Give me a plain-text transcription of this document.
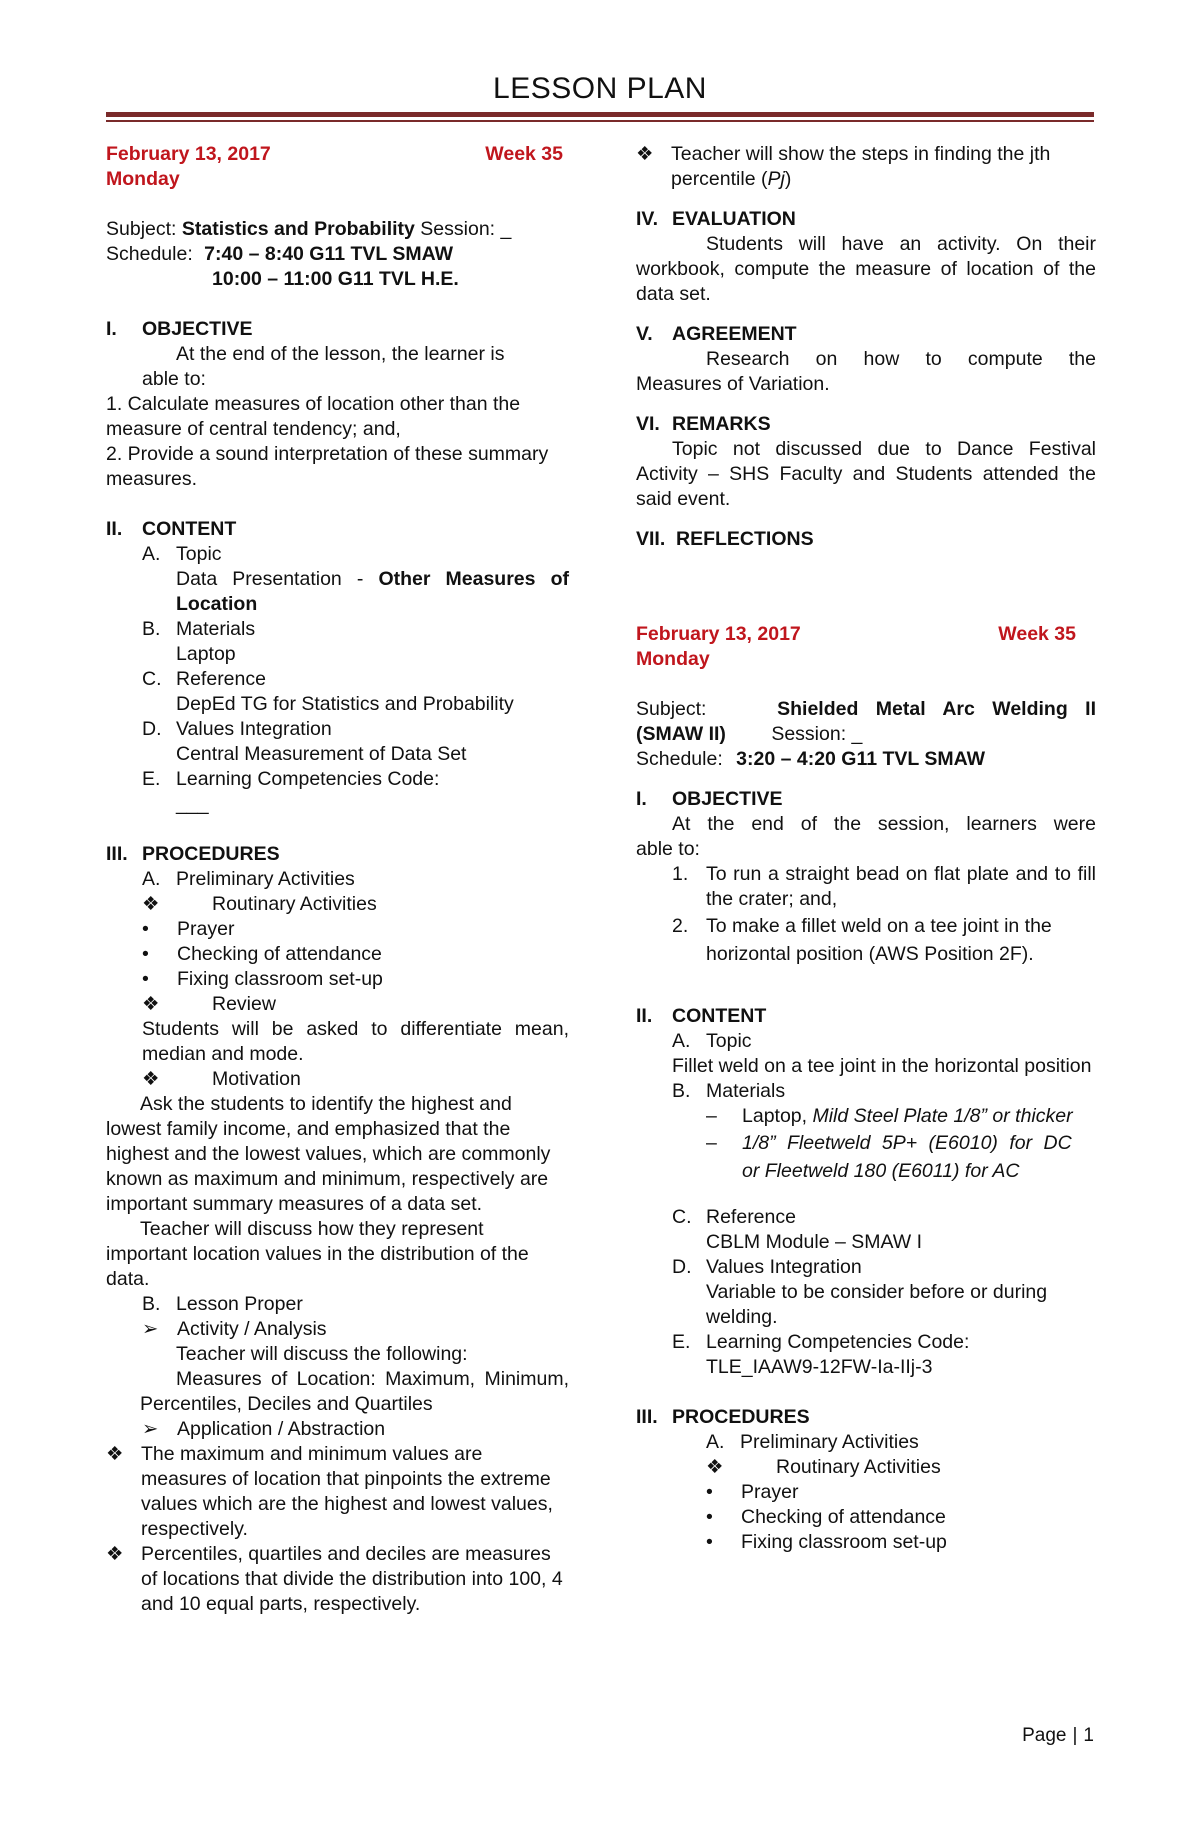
LESSON PLAN
February 13, 2017	Week 35
Monday
Subject: Statistics and Probability Session: _
Schedule: 7:40 – 8:40 G11 TVL SMAW
10:00 – 11:00 G11 TVL H.E.
I.	OBJECTIVE
At the end of the lesson, the learner is
able to:
1. Calculate measures of location other than the measure of central tendency; and,
2. Provide a sound interpretation of these summary measures.
II.	CONTENT
A. Topic
Data Presentation - Other Measures of Location
B. Materials
Laptop
C. Reference
DepEd TG for Statistics and Probability
D. Values Integration
Central Measurement of Data Set
E. Learning Competencies Code:
___
III. PROCEDURES
A. Preliminary Activities
❖	Routinary Activities
•	Prayer
•	Checking of attendance
•	Fixing classroom set-up
❖	Review
Students will be asked to differentiate mean, median and mode.
❖	Motivation
Ask the students to identify the highest and lowest family income, and emphasized that the highest and the lowest values, which are commonly known as maximum and minimum, respectively are important summary measures of a data set.
Teacher will discuss how they represent important location values in the distribution of the data.
B. Lesson Proper
➢ Activity / Analysis
Teacher will discuss the following:
Measures of Location: Maximum, Minimum, Percentiles, Deciles and Quartiles
➢ Application / Abstraction
❖ The maximum and minimum values are measures of location that pinpoints the extreme values which are the highest and lowest values, respectively.
❖ Percentiles, quartiles and deciles are measures of locations that divide the distribution into 100, 4 and 10 equal parts, respectively.
❖ Teacher will show the steps in finding the jth percentile (Pj)
IV. EVALUATION
Students will have an activity. On their workbook, compute the measure of location of the data set.
V. AGREEMENT
Research on how to compute the
Measures of Variation.
VI. REMARKS
Topic not discussed due to Dance Festival
Activity – SHS Faculty and Students attended the said event.
VII. REFLECTIONS
February 13, 2017	Week 35
Monday
Subject:	Shielded Metal Arc Welding II
(SMAW II) Session: _
Schedule: 3:20 – 4:20 G11 TVL SMAW
I.	OBJECTIVE
At the end of the session, learners were
able to:
1. To run a straight bead on flat plate and to fill the crater; and,
2. To make a fillet weld on a tee joint in the horizontal position (AWS Position 2F).
II.	CONTENT
A. Topic
Fillet weld on a tee joint in the horizontal position
B. Materials
–	Laptop, Mild Steel Plate 1/8” or thicker
–	1/8” Fleetweld 5P+ (E6010) for DC
or Fleetweld 180 (E6011) for AC
C. Reference
CBLM Module – SMAW I
D. Values Integration
Variable to be consider before or during welding.
E. Learning Competencies Code:
TLE_IAAW9-12FW-Ia-IIj-3
III. PROCEDURES
A. Preliminary Activities
❖	Routinary Activities
•	Prayer
•	Checking of attendance
•	Fixing classroom set-up
Page | 1
